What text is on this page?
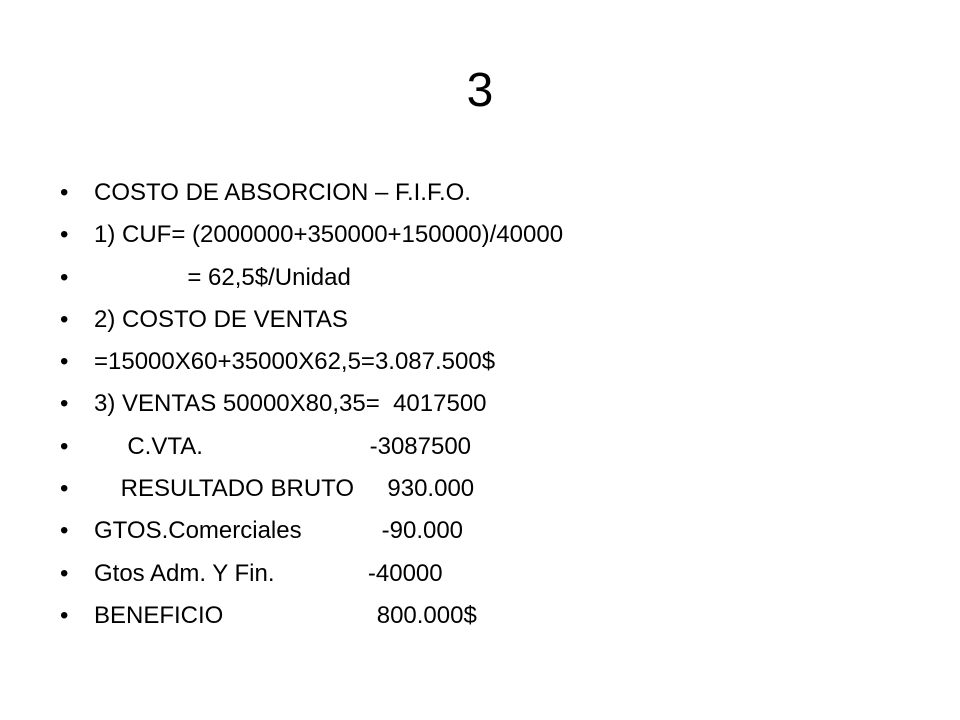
3
•	COSTO DE ABSORCION – F.I.F.O.
•	1) CUF= (2000000+350000+150000)/40000
•	= 62,5$/Unidad
•	2) COSTO DE VENTAS
•	=15000X60+35000X62,5=3.087.500$
•	3) VENTAS 50000X80,35=  4017500
•	C.VTA.                         -3087500
•	RESULTADO BRUTO     930.000
•	GTOS.Comerciales            -90.000
•	Gtos Adm. Y Fin.              -40000
•	BENEFICIO                       800.000$
